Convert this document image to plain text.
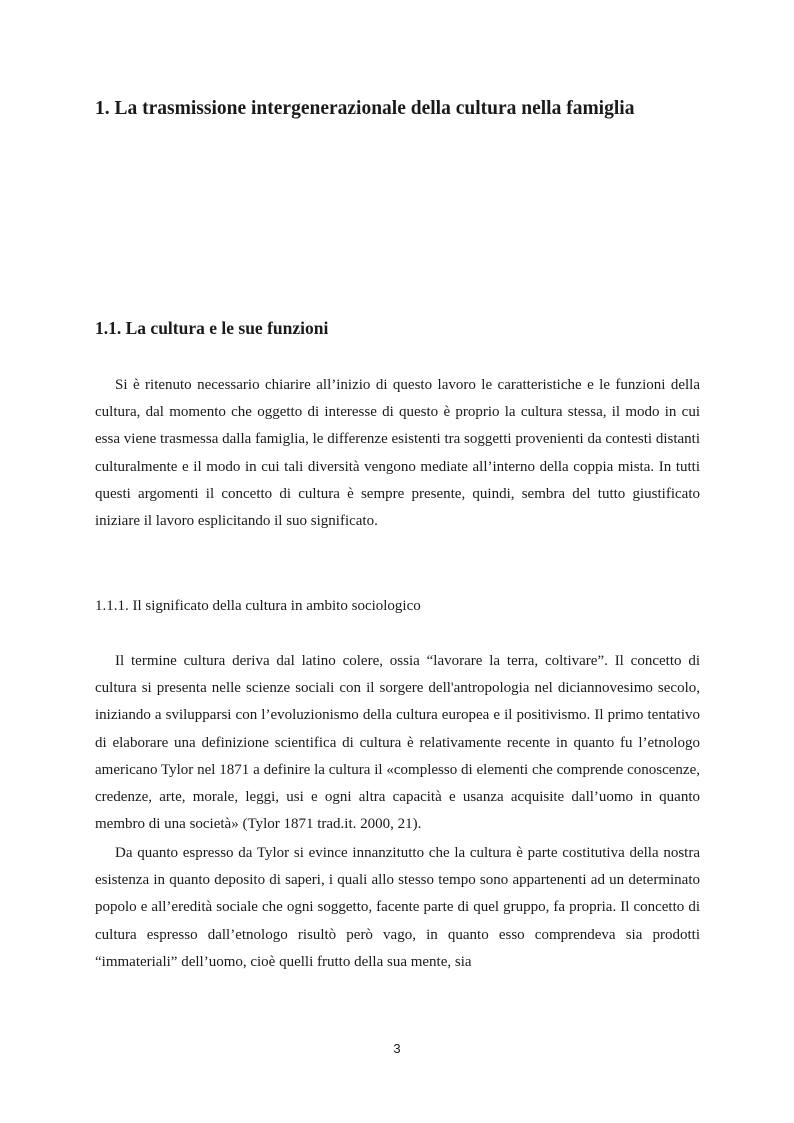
1. La trasmissione intergenerazionale della cultura nella famiglia
1.1. La cultura e le sue funzioni

Si è ritenuto necessario chiarire all’inizio di questo lavoro le caratteristiche e le funzioni della cultura, dal momento che oggetto di interesse di questo è proprio la cultura stessa, il modo in cui essa viene trasmessa dalla famiglia, le differenze esistenti tra soggetti provenienti da contesti distanti culturalmente e il modo in cui tali diversità vengono mediate all’interno della coppia mista. In tutti questi argomenti il concetto di cultura è sempre presente, quindi, sembra del tutto giustificato iniziare il lavoro esplicitando il suo significato.

1.1.1. Il significato della cultura in ambito sociologico

Il termine cultura deriva dal latino colere, ossia “lavorare la terra, coltivare”. Il concetto di cultura si presenta nelle scienze sociali con il sorgere dell'antropologia nel diciannovesimo secolo, iniziando a svilupparsi con l’evoluzionismo della cultura europea e il positivismo. Il primo tentativo di elaborare una definizione scientifica di cultura è relativamente recente in quanto fu l’etnologo americano Tylor nel 1871 a definire la cultura il «complesso di elementi che comprende conoscenze, credenze, arte, morale, leggi, usi e ogni altra capacità e usanza acquisite dall’uomo in quanto membro di una società» (Tylor 1871 trad.it. 2000, 21).

Da quanto espresso da Tylor si evince innanzitutto che la cultura è parte costitutiva della nostra esistenza in quanto deposito di saperi, i quali allo stesso tempo sono appartenenti ad un determinato popolo e all’eredità sociale che ogni soggetto, facente parte di quel gruppo, fa propria. Il concetto di cultura espresso dall’etnologo risultò però vago, in quanto esso comprendeva sia prodotti “immateriali” dell’uomo, cioè quelli frutto della sua mente, sia

3
